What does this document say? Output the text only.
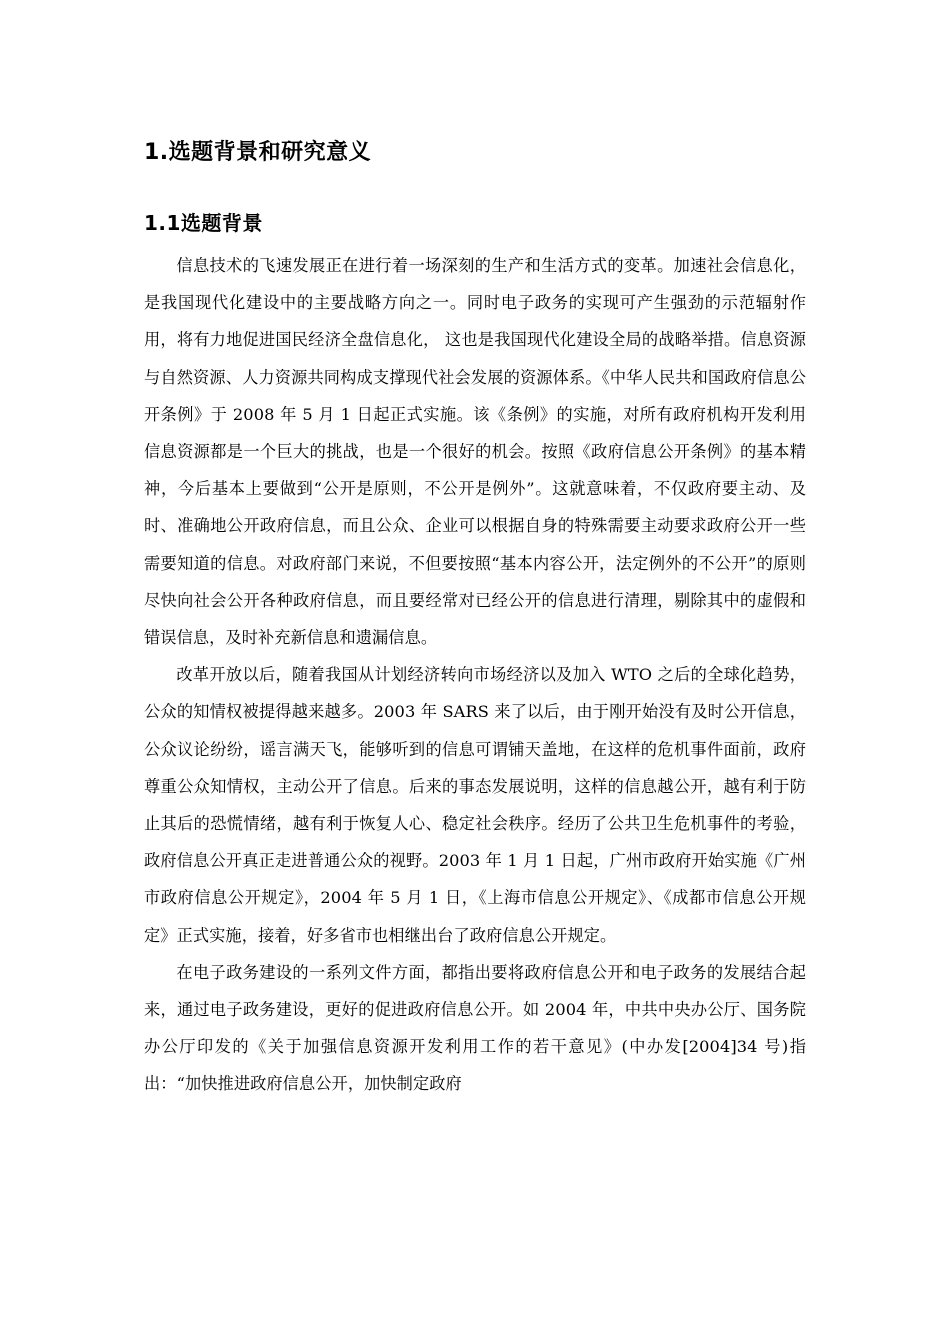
1.选题背景和研究意义
1.1选题背景

信息技术的飞速发展正在进行着一场深刻的生产和生活方式的变革。加速社会信息化，是我国现代化建设中的主要战略方向之一。同时电子政务的实现可产生强劲的示范辐射作用，将有力地促进国民经济全盘信息化， 这也是我国现代化建设全局的战略举措。信息资源与自然资源、人力资源共同构成支撑现代社会发展的资源体系。《中华人民共和国政府信息公开条例》于 2008 年 5 月 1 日起正式实施。该《条例》的实施，对所有政府机构开发利用信息资源都是一个巨大的挑战，也是一个很好的机会。按照《政府信息公开条例》的基本精神，今后基本上要做到“公开是原则，不公开是例外”。这就意味着，不仅政府要主动、及时、准确地公开政府信息，而且公众、企业可以根据自身的特殊需要主动要求政府公开一些需要知道的信息。对政府部门来说，不但要按照“基本内容公开，法定例外的不公开”的原则尽快向社会公开各种政府信息，而且要经常对已经公开的信息进行清理，剔除其中的虚假和错误信息，及时补充新信息和遗漏信息。

改革开放以后，随着我国从计划经济转向市场经济以及加入 WTO 之后的全球化趋势，公众的知情权被提得越来越多。2003 年 SARS 来了以后，由于刚开始没有及时公开信息，公众议论纷纷，谣言满天飞，能够听到的信息可谓铺天盖地，在这样的危机事件面前，政府尊重公众知情权，主动公开了信息。后来的事态发展说明，这样的信息越公开，越有利于防止其后的恐慌情绪，越有利于恢复人心、稳定社会秩序。经历了公共卫生危机事件的考验，政府信息公开真正走进普通公众的视野。2003 年 1 月 1 日起，广州市政府开始实施《广州市政府信息公开规定》，2004 年 5 月 1 日，《上海市信息公开规定》、《成都市信息公开规定》正式实施，接着，好多省市也相继出台了政府信息公开规定。

在电子政务建设的一系列文件方面，都指出要将政府信息公开和电子政务的发展结合起来，通过电子政务建设，更好的促进政府信息公开。如 2004 年，中共中央办公厅、国务院办公厅印发的《关于加强信息资源开发利用工作的若干意见》(中办发[2004]34 号)指出：“加快推进政府信息公开，加快制定政府
